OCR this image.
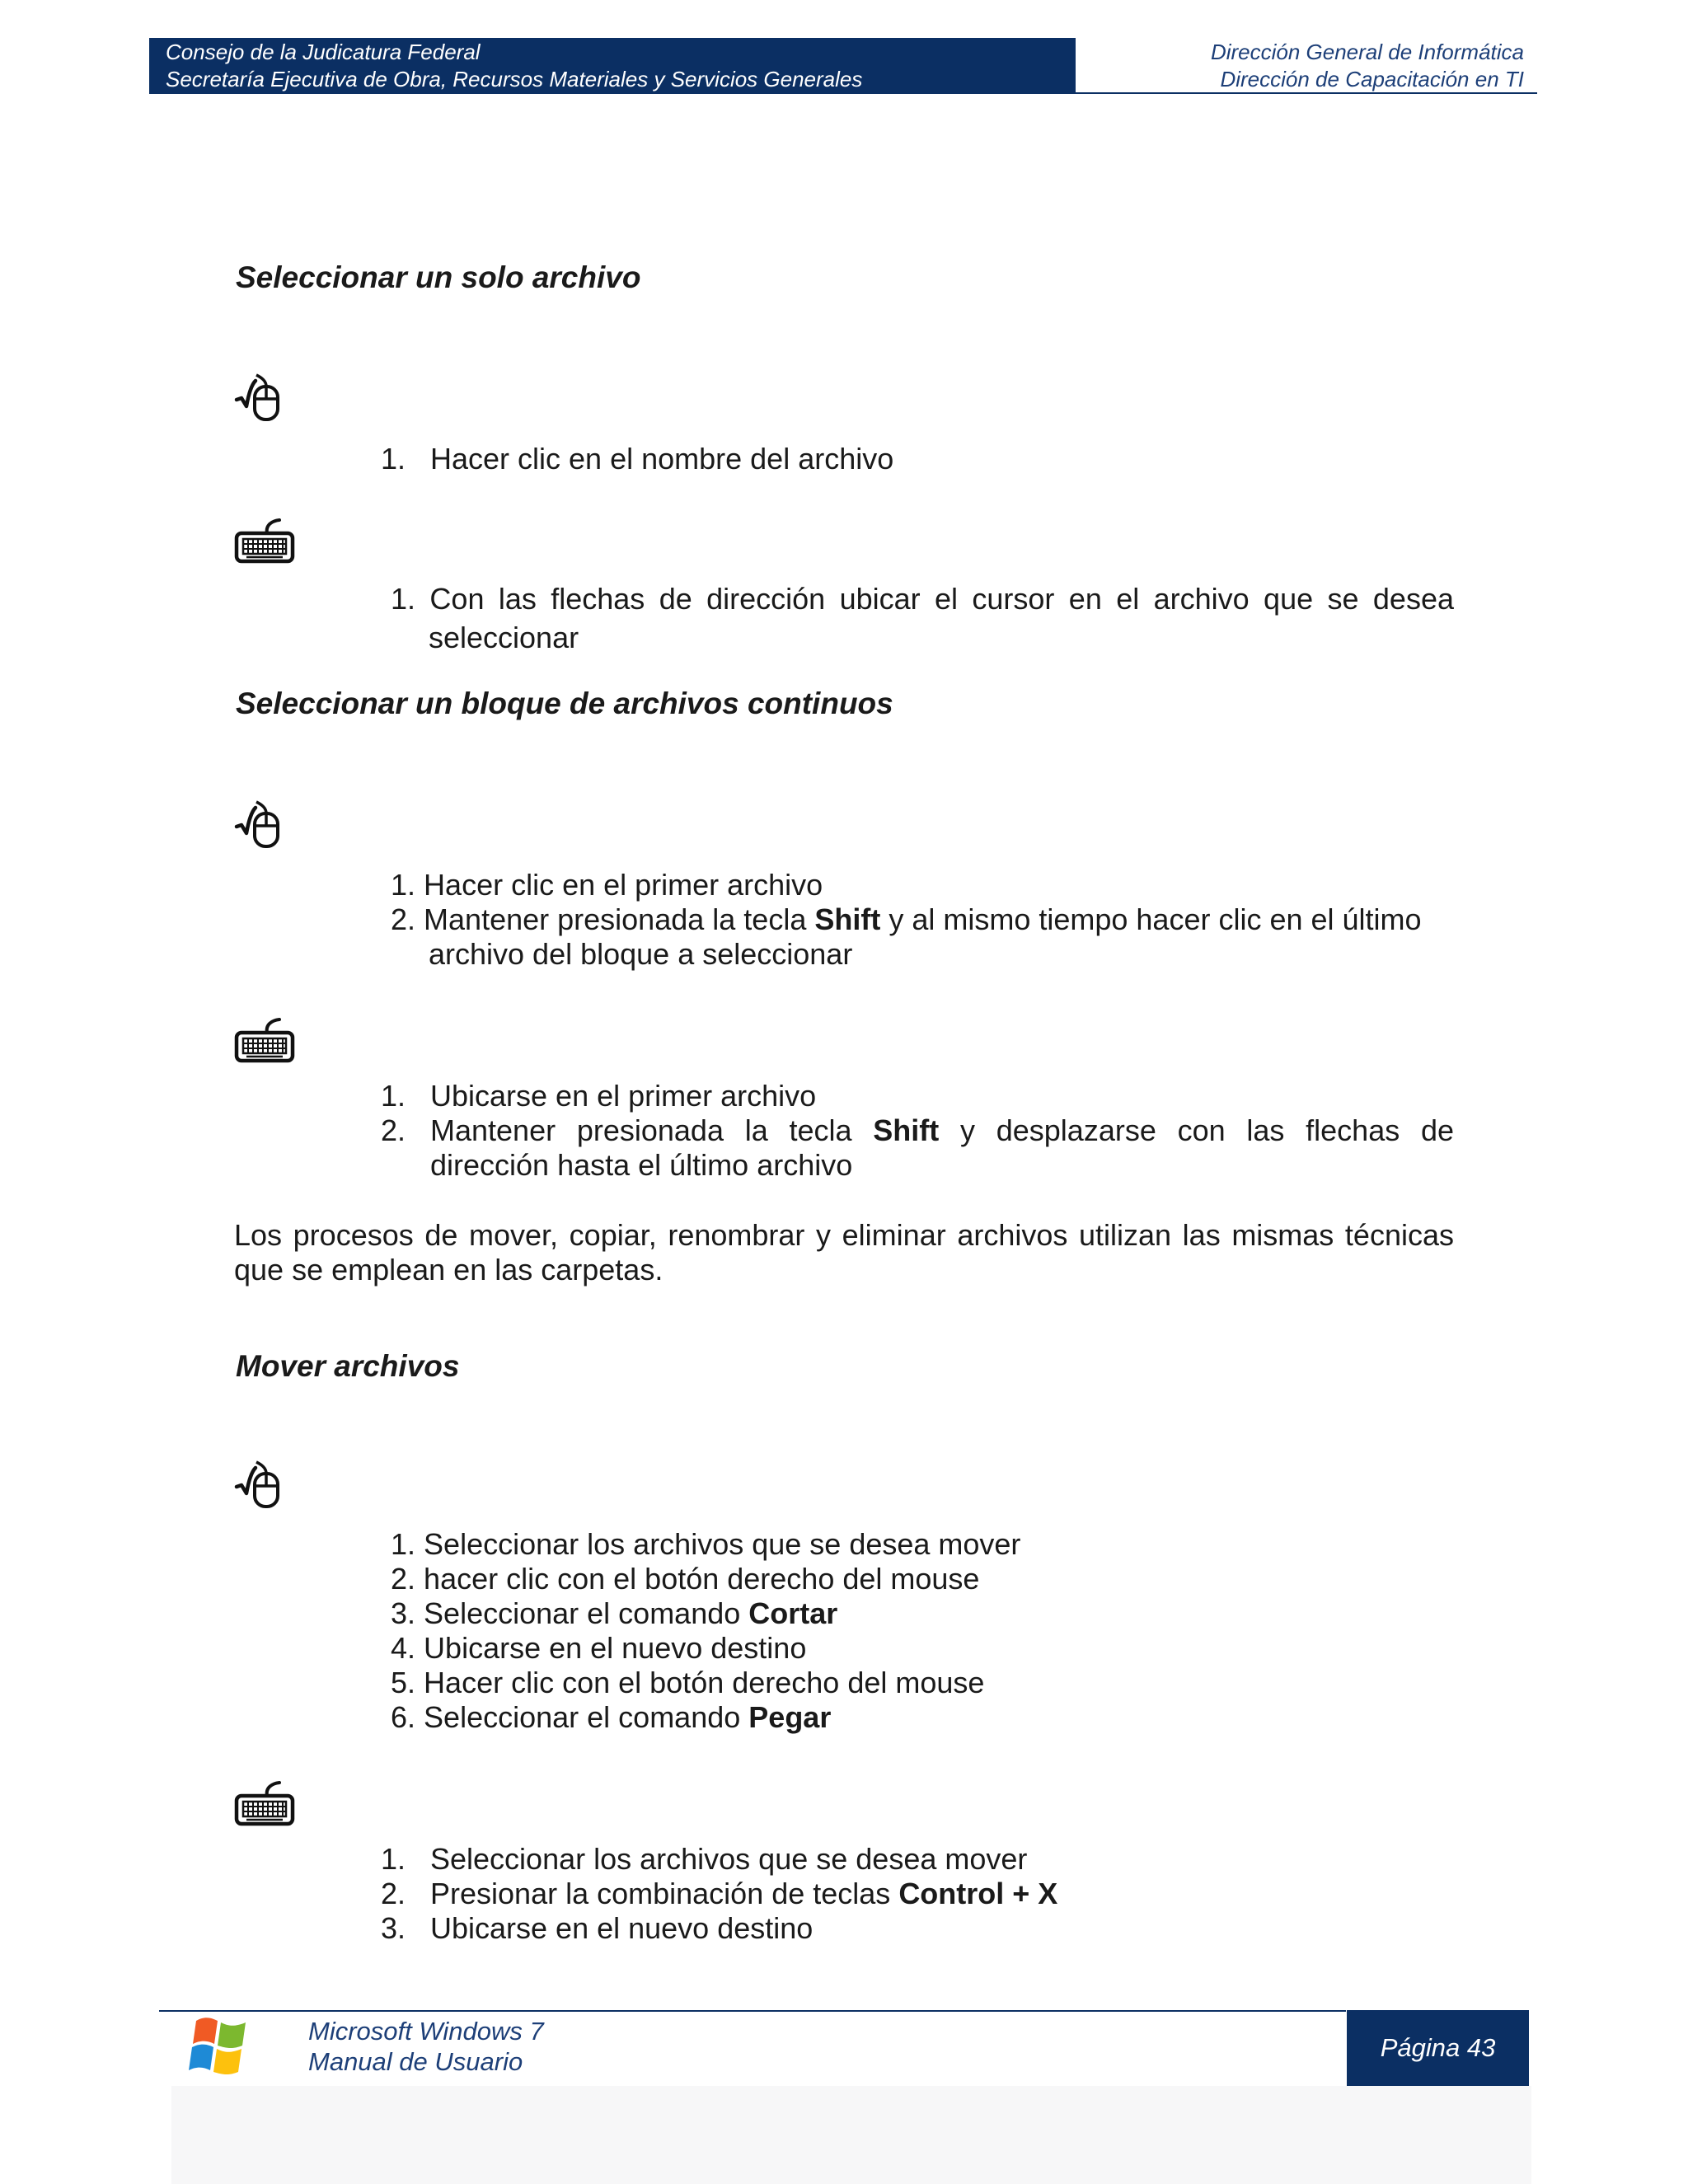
Consejo de la Judicatura Federal
Secretaría Ejecutiva de Obra, Recursos Materiales y Servicios Generales
Dirección General de Informática
Dirección de Capacitación en TI
Seleccionar un solo archivo
1. Hacer clic en el nombre del archivo
1. Con las flechas de dirección ubicar el cursor en el archivo que se desea
seleccionar
Seleccionar un bloque de archivos continuos
1. Hacer clic en el primer archivo
2. Mantener presionada la tecla Shift y al mismo tiempo hacer clic en el último archivo del bloque a seleccionar
1. Ubicarse en el primer archivo
2. Mantener presionada la tecla Shift y desplazarse con las flechas de
dirección hasta el último archivo
Los procesos de mover, copiar, renombrar y eliminar archivos utilizan las mismas técnicas que se emplean en las carpetas.
Mover archivos
1. Seleccionar los archivos que se desea mover
2. hacer clic con el botón derecho del mouse
3. Seleccionar el comando Cortar
4. Ubicarse en el nuevo destino
5. Hacer clic con el botón derecho del mouse
6. Seleccionar el comando Pegar
1. Seleccionar los archivos que se desea mover
2. Presionar la combinación de teclas Control + X
3. Ubicarse en el nuevo destino
Microsoft Windows 7
Manual de Usuario	Página 43
